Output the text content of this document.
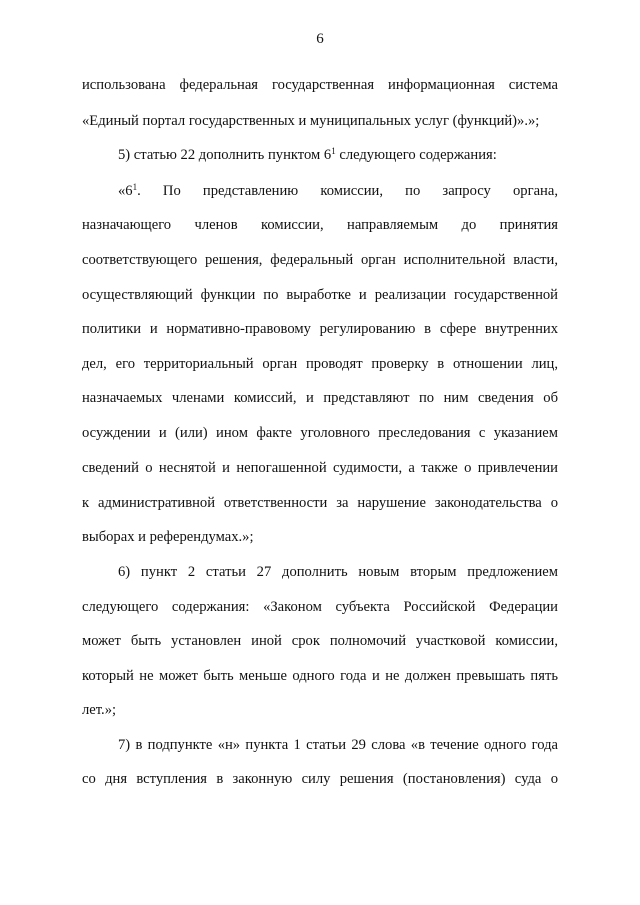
6
использована федеральная государственная информационная система
«Единый портал государственных и муниципальных услуг (функций)».»;
5) статью 22 дополнить пунктом $6^1$ следующего содержания:
«$6^1$. По представлению комиссии, по запросу органа,
назначающего членов комиссии, направляемым до принятия
соответствующего решения, федеральный орган исполнительной власти,
осуществляющий функции по выработке и реализации государственной
политики и нормативно-правовому регулированию в сфере внутренних
дел, его территориальный орган проводят проверку в отношении лиц,
назначаемых членами комиссий, и представляют по ним сведения об
осуждении и (или) ином факте уголовного преследования с указанием
сведений о неснятой и непогашенной судимости, а также о привлечении
к административной ответственности за нарушение законодательства о
выборах и референдумах.»;
6) пункт 2 статьи 27 дополнить новым вторым предложением
следующего содержания: «Законом субъекта Российской Федерации
может быть установлен иной срок полномочий участковой комиссии,
который не может быть меньше одного года и не должен превышать пять
лет.»;
7) в подпункте «н» пункта 1 статьи 29 слова «в течение одного года
со дня вступления в законную силу решения (постановления) суда о
